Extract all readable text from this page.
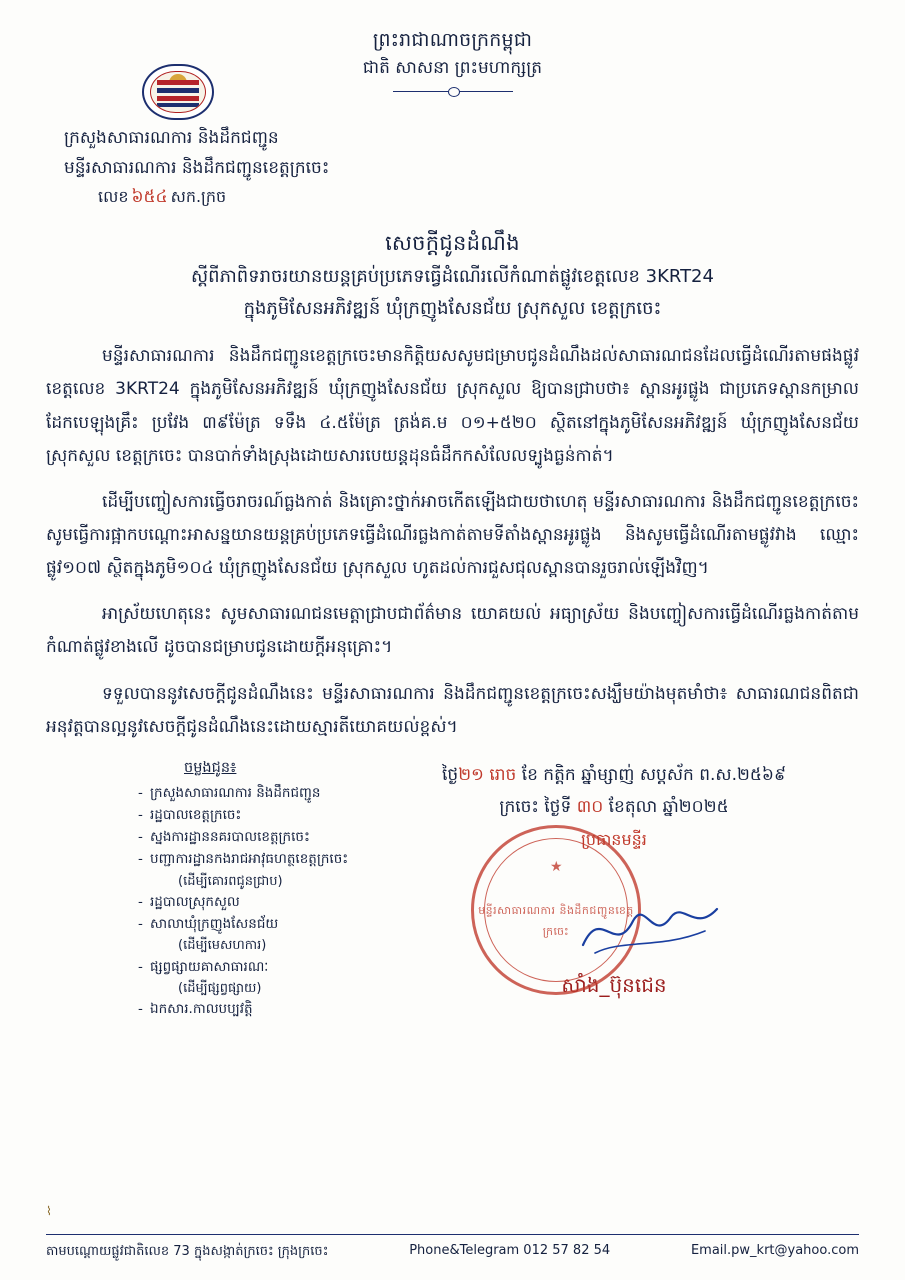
ព្រះរាជាណាចក្រកម្ពុជា
ជាតិ សាសនា ព្រះមហាក្សត្រ
ក្រសួងសាធារណការ និងដឹកជញ្ជូន
មន្ទីរសាធារណការ និងដឹកជញ្ជូនខេត្តក្រចេះ
លេខ ៦៥៤ សក.ក្រច
សេចក្តីជូនដំណឹង
ស្តីពីភាពិទរាចរយានយន្តគ្រប់ប្រភេទធ្វើដំណើរលើកំណាត់ផ្លូវខេត្តលេខ 3KRT24
ក្នុងភូមិសែនអភិវឌ្ឍន៍ ឃុំក្រញូងសែនជ័យ ស្រុកសួល ខេត្តក្រចេះ

មន្ទីរសាធារណការ និងដឹកជញ្ជូនខេត្តក្រចេះមានកិត្តិយសសូមជម្រាបជូនដំណឹងដល់សាធារណជនដែលធ្វើដំណើរតាមផងផ្លូវខេត្តលេខ 3KRT24 ក្នុងភូមិសែនអភិវឌ្ឍន៍ ឃុំក្រញូងសែនជ័យ ស្រុកសួល ឱ្យបានជ្រាបថា៖ ស្ពានអូរផ្លូង ជាប្រភេទស្ពានកម្រាលដែកបេឡុងគ្រឹះ ប្រវែង ៣៩ម៉ែត្រ ទទឹង ៤.៥ម៉ែត្រ ត្រង់គ.ម ០១+៥២០ ស្ថិតនៅក្នុងភូមិសែនអភិវឌ្ឍន៍ ឃុំក្រញូងសែនជ័យ ស្រុកសួល ខេត្តក្រចេះ បានបាក់ទាំងស្រុងដោយសារបេយន្តដុនធំដឹកកសំលែលទ្បូងធ្ងន់កាត់។

ដើម្បីបញ្ចៀសការធ្វើចរាចរណ៍ធ្លងកាត់ និងគ្រោះថ្នាក់អាចកើតឡើងជាយថាហេតុ មន្ទីរសាធារណការ និងដឹកជញ្ជូនខេត្តក្រចេះ សូមធ្វើការផ្អាកបណ្ដោះអាសន្នយានយន្តគ្រប់ប្រភេទធ្វើដំណើរធ្លងកាត់តាមទីតាំងស្ពានអូរផ្លូង និងសូមធ្វើដំណើរតាមផ្លូវវាង ឈ្មោះផ្លូវ១០៧ ស្ថិតក្នុងភូមិ១០៤ ឃុំក្រញូងសែនជ័យ ស្រុកសួល ហូតដល់ការជួសជុលស្ពានបានរួចរាល់ឡើងវិញ។

អាស្រ័យហេតុនេះ សូមសាធារណជនមេត្តាជ្រាបជាព័ត៌មាន យោគយល់ អធ្យាស្រ័យ និងបញ្ចៀសការធ្វើដំណើរធ្លងកាត់តាមកំណាត់ផ្លូវខាងលើ ដូចបានជម្រាបជូនដោយក្ដីអនុគ្រោះ។

ទទួលបាននូវសេចក្តីជូនដំណឹងនេះ មន្ទីរសាធារណការ និងដឹកជញ្ជូនខេត្តក្រចេះសង្ឃឹមយ៉ាងមុតមាំថា៖ សាធារណជនពិតជាអនុវត្តបានល្អនូវសេចក្តីជូនដំណឹងនេះដោយស្មារតីយោគយល់ខ្ពស់។

ចម្លងជូន៖
- ក្រសួងសាធារណការ និងដឹកជញ្ជូន
- រដ្ឋបាលខេត្តក្រចេះ
- ស្នងការដ្ឋាននគរបាលខេត្តក្រចេះ
- បញ្ជាការដ្ឋានកងរាជអាវុធហត្ថខេត្តក្រចេះ
(ដើម្បីគោរពជូនជ្រាប)
- រដ្ឋបាលស្រុកសួល
- សាលាឃុំក្រញូងសែនជ័យ
(ដើម្បីមេសហការ)
- ផ្សព្វផ្សាយគាសាធារណៈ
(ដើម្បីផ្សព្វផ្សាយ)
- ឯកសារ.កាលបប្បវត្តិ
ថ្ងៃ២១ រោច ខែ កត្តិក ឆ្នាំម្សាញ់ សប្ដស័ក ព.ស.២៥៦៩
ក្រចេះ ថ្ងៃទី ៣០ ខែតុលា ឆ្នាំ២០២៥
ប្រធានមន្ទីរ
សាំង_ប៊ុនជេន
★
មន្ទីរសាធារណការ និងដឹកជញ្ជូនខេត្តក្រចេះ
⌇
តាមបណ្ដោយផ្លូវជាតិលេខ 73 ក្នុងសង្កាត់ក្រចេះ ក្រុងក្រចេះ	Phone&Telegram 012 57 82 54	Email.pw_krt@yahoo.com
